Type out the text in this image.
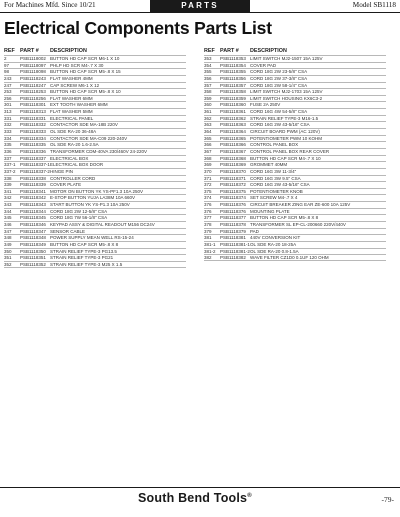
For Machines Mfd. Since 10/21	PARTS	Model SB1118
Electrical Components Parts List
REF PART #	DESCRIPTION
2	PSB1118002 BUTTON HD CAP SCR M6-1 X 10
97	PSB1118097 PHLP HD SCR M4-.7 X 30
98	PSB1118098 BUTTON HD CAP SCR M5-.8 X 15
243	PSB1118243 FLAT WASHER 4MM
247	PSB1118247 CAP SCREW M6-1 X 12
253	PSB1118253 BUTTON HD CAP SCR M5-.8 X 10
256	PSB1118256 FLAT WASHER 6MM
301	PSB1118301 EXT TOOTH WASHER 6MM
313	PSB1118313 FLAT WASHER 5MM
331	PSB1118331 ELECTRICAL PANEL
332	PSB1118332 CONTACTOR SDE MA-18B 220V
333	PSB1118333 OL SDE RA-20 36-48A
334	PSB1118334 CONTACTOR SDE MA-C09 220-240V
335	PSB1118335 OL SDE RA-20 1.6-2.5A
336	PSB1118336 TRANSFORMER CDM-40VA 230/460V 24-220V
337	PSB1118337 ELECTRICAL BOX
337-1 PSB1118337-1 ELECTRICAL BOX DOOR
337-2 PSB1118337-2 HINGE PIN
338	PSB1118338 CONTROLLER CORD
339	PSB1118339 COVER PLATE
341	PSB1118341 MOTOR ON BUTTON YK YS-PF1.3 10A 250V
342	PSB1118342 E-STOP BUTTON YUJA LA38M 10A 660V
343	PSB1118343 START BUTTON YK YS-P1.3 10A 250V
344	PSB1118344 CORD 18G 2W 12-5/8" CSA
345	PSB1118345 CORD 18G 7W 56-1/8" CSA
346	PSB1118346 KEYPAD ASSY & DIGITAL READOUT M156 DC24V
347	PSB1118347 SENSOR CABLE
348	PSB1118348 POWER SUPPLY MEAN WELL RS-15-24
349	PSB1118349 BUTTON HD CAP SCR M5-.8 X 8
350	PSB1118350 STRAIN RELIEF TYPE-3 PG13.5
351	PSB1118351 STRAIN RELIEF TYPE-3 PG21
352	PSB1118352 STRAIN RELIEF TYPE-3 M25 X 1.5
REF PART #	DESCRIPTION
353	PSB1118353 LIMIT SWITCH MJ2-1507 15A 125V
354	PSB1118354 COVER PAD
355	PSB1118355 CORD 18G 2W 23-5/8" CSA
356	PSB1118356 CORD 18G 2W 37-3/8" CSA
357	PSB1118357 CORD 18G 2W 58-1/4" CSA
358	PSB1118358 LIMIT SWITCH MJ2-1703 15A 125V
359	PSB1118359 LIMIT SWITCH HOUSING KX6C3-2
360	PSB1118360 FUSE 2A 250V
361	PSB1118361 CORD 16G 4W 54-5/8" CSA
362	PSB1118362 STRAIN RELIEF TYPE-3 M16-1.5
363	PSB1118363 CORD 16G 2W 43-5/16" CSA
364	PSB1118364 CIRCUIT BOARD PWM (AC 120V)
365	PSB1118365 POTENTIOMETER PWM 10 KOHM
366	PSB1118366 CONTROL PANEL BOX
367	PSB1118367 CONTROL PANEL BOX REAR COVER
368	PSB1118368 BUTTON HD CAP SCR M4-.7 X 10
369	PSB1118369 GROMMET 40MM
370	PSB1118370 CORD 16G 3W 11-3/4"
371	PSB1118371 CORD 16G 3W 9.5" CSA
372	PSB1118372 CORD 16G 2W 43-5/16" CSA
375	PSB1118375 POTENTIOMETER KNOB
374	PSB1118374 SET SCREW M4-.7 X 4
376	PSB1118376 CIRCUIT BREAKER ZING EAR ZE-600 10A 125V
376	PSB1118376 MOUNTING PLATE
377	PSB1118377 BUTTON HD CAP SCR M5-.8 X 8
378	PSB1118378 TRANSFORMER SL EP-CL-200660 220V/440V
379	PSB1118379 PAD
381	PSB1118381 440V CONVERSION KIT
381-1 PSB1118381-1 OL SDE RA-20 18-25A
381-2 PSB1118381-2 OL SDE RA-20 0.8-1.5A
382	PSB1118382 WAVE FILTER CZ1D0 0.1UF 120 OHM
South Bend Tools®	-79-
